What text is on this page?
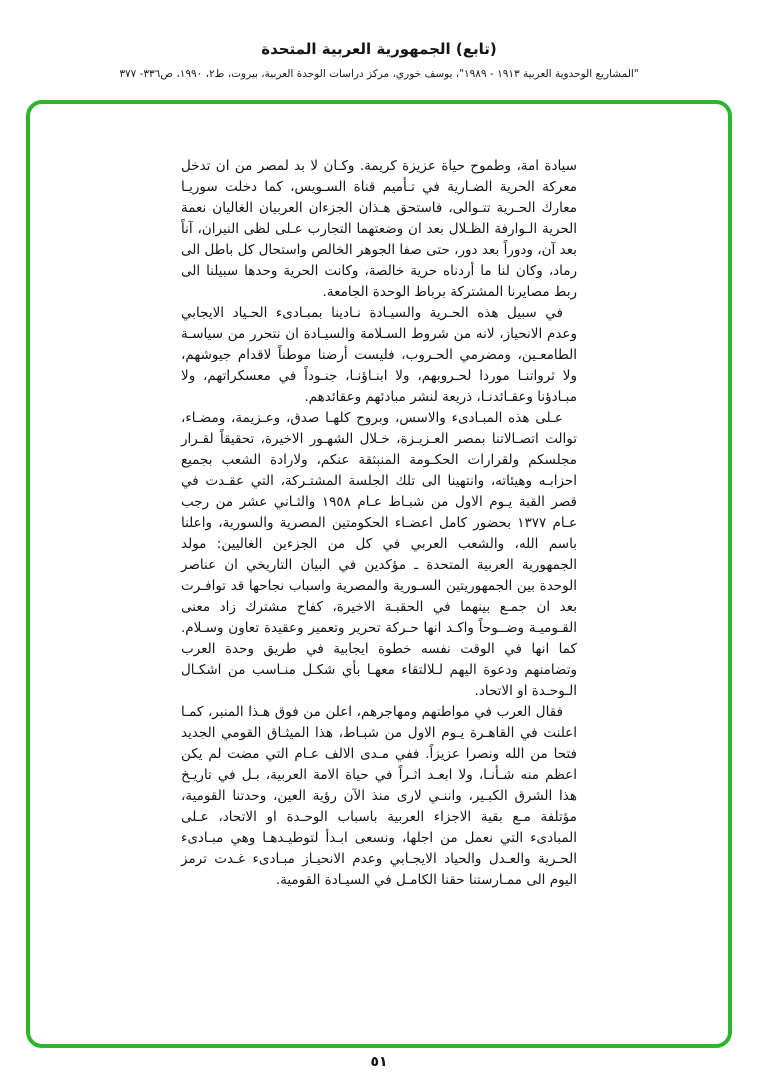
(تابع) الجمهورية العربية المتحدة
"المشاريع الوحدوية العربية ١٩١٣ - ١٩٨٩"، يوسف خوري، مركز دراسات الوحدة العربية، بيروت، ط٢، ١٩٩٠، ص٣٣٦- ٣٧٧

سيادة امة، وطموح حياة عزيزة كريمة. وكـان لا بد لمصر من ان تدخل معركة الحرية الضـارية في تـأميم قناة السـويس، كما دخلت سوريـا معارك الحـرية تتـوالى، فاستحق هـذان الجزءان العربيان الغاليان نعمة الحرية الـوارفة الظـلال بعد ان وضعتهما التجارب عـلى لظى النيران، آناً بعد آن، ودوراً بعد دور، حتى صفا الجوهر الخالص واستحال كل باطل الى رماد، وكان لنا ما أردناه حرية خالصة، وكانت الحرية وحدها سبيلنا الى ربط مصايرنا المشتركة برباط الوحدة الجامعة.

في سبيل هذه الحـرية والسيـادة نـادينا بمبـادىء الحـياد الايجابي وعدم الانحياز، لانه من شروط السـلامة والسيـادة ان نتحرر من سياسـة الطامعـين، ومضرمي الحـروب، فليست أرضنا موطناً لاقدام جيوشهم، ولا ثرواتنـا موردا لحـروبهم، ولا ابنـاؤنـا، جنـوداً في معسكراتهم، ولا مبـادؤنا وعقـائدنـا، ذريعة لنشر مبادئهم وعقائدهم.

عـلى هذه المبـادىء والاسس، وبروح كلهـا صدق، وعـزيمة، ومضـاء، توالت اتصـالاتنا بمصر العـزيـزة، خـلال الشهـور الاخيرة، تحقيقاً لقـرار مجلسكم ولقرارات الحكـومة المنبثقة عنكم، ولارادة الشعب بجميع احزابـه وهيئاته، وانتهينا الى تلك الجلسة المشتـركة، التي عقـدت في قصر القبة يـوم الاول من شبـاط عـام ١٩٥٨ والثـاني عشر من رجب عـام ١٣٧٧ بحضور كامل اعضـاء الحكومتين المصرية والسورية، واعلنا باسم الله، والشعب العربي في كل من الجزءين الغاليين: مولد الجمهورية العربية المتحدة ـ مؤكدين في البيان التاريخي ان عناصر الوحدة بين الجمهوريتين السـورية والمصرية واسباب نجاحها قد توافـرت بعد ان جمـع بينهما في الحقبـة الاخيرة، كفاح مشترك زاد معنى القـوميـة وضــوحاً واكـد انها حـركة تحرير وتعمير وعقيدة تعاون وسـلام. كما انها في الوقت نفسه خطوة ايجابية في طريق وحدة العرب وتضامنهم ودعوة اليهم لـلالتقاء معهـا بأي شكـل منـاسب من اشكـال الـوحـدة او الاتحاد.

فقال العرب في مواطنهم ومهاجرهم، اعلن من فوق هـذا المنبر، كمـا اعلنت في القاهـرة يـوم الاول من شبـاط، هذا الميثـاق القومي الجديد فتحا من الله ونصرا عزيزاً. ففي مـدى الالف عـام التي مضت لم يكن اعظم منه شـأنـا، ولا ابعـد اثـراً في حياة الامة العربية، بـل في تاريـخ هذا الشرق الكبـير، واننـي لارى منذ الآن رؤية العين، وحدتنا القومية، مؤتلفة مـع بقية الاجزاء العربية باسباب الوحـدة او الاتحاد، عـلى المبادىء التي نعمل من اجلها، ونسعى ابـدأ لتوطيـدهـا وهي مبـادىء الحـرية والعـدل والحياد الايجـابي وعدم الانحيـاز مبـادىء غـدت ترمز اليوم الى ممـارستنا حقنا الكامـل في السيـادة القومية.

٥١
